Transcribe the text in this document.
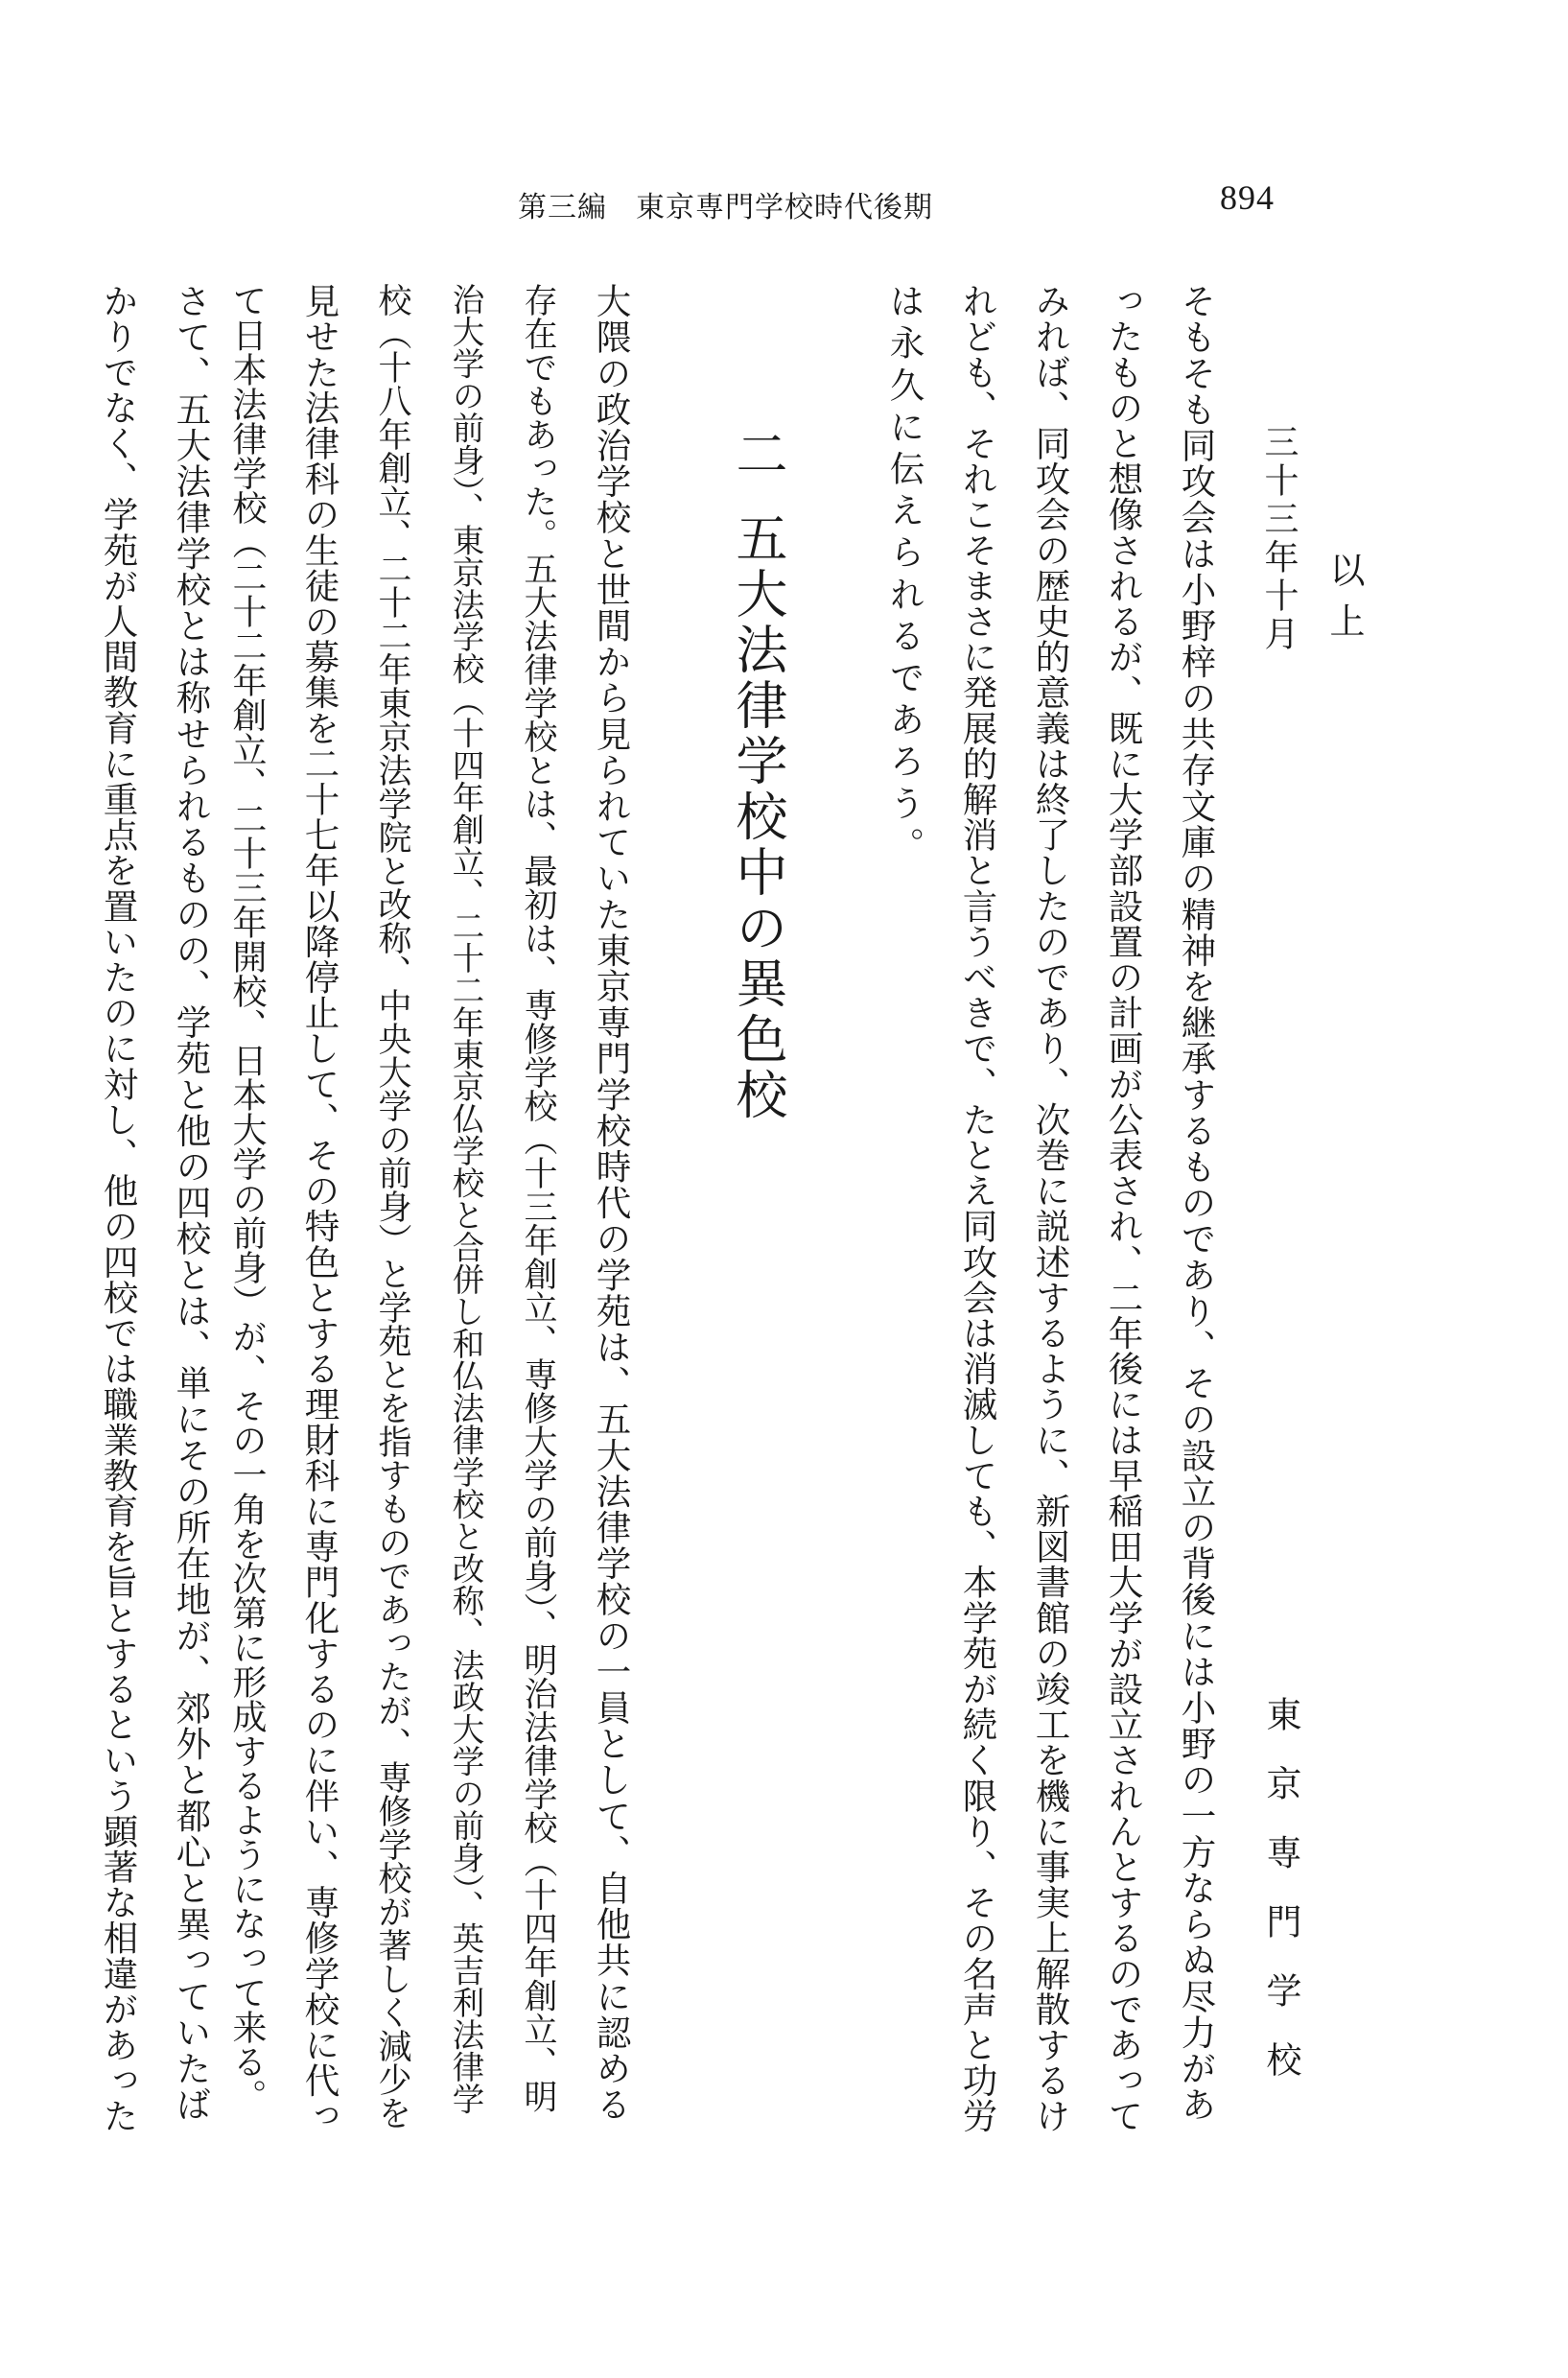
第三編 東京専門学校時代後期	894
以上
三十三年十月
東京専門学校
そもそも同攻会は小野梓の共存文庫の精神を継承するものであり、その設立の背後には小野の一方ならぬ尽力があ
ったものと想像されるが、既に大学部設置の計画が公表され、二年後には早稲田大学が設立されんとするのであって
みれば、同攻会の歴史的意義は終了したのであり、次巻に説述するように、新図書館の竣工を機に事実上解散するけ
れども、それこそまさに発展的解消と言うべきで、たとえ同攻会は消滅しても、本学苑が続く限り、その名声と功労
は永久に伝えられるであろう。
二五大法律学校中の異色校
大隈の政治学校と世間から見られていた東京専門学校時代の学苑は、五大法律学校の一員として、自他共に認める
存在でもあった。五大法律学校とは、最初は、専修学校（十三年創立、専修大学の前身）、明治法律学校（十四年創立、明
治大学の前身）、東京法学校（十四年創立、二十二年東京仏学校と合併し和仏法律学校と改称、法政大学の前身）、英吉利法律学
校（十八年創立、二十二年東京法学院と改称、中央大学の前身）と学苑とを指すものであったが、専修学校が著しく減少を
見せた法律科の生徒の募集を二十七年以降停止して、その特色とする理財科に専門化するのに伴い、専修学校に代っ
て日本法律学校（二十二年創立、二十三年開校、日本大学の前身）が、その一角を次第に形成するようになって来る。
さて、五大法律学校とは称せられるものの、学苑と他の四校とは、単にその所在地が、郊外と都心と異っていたば
かりでなく、学苑が人間教育に重点を置いたのに対し、他の四校では職業教育を旨とするという顕著な相違があった
